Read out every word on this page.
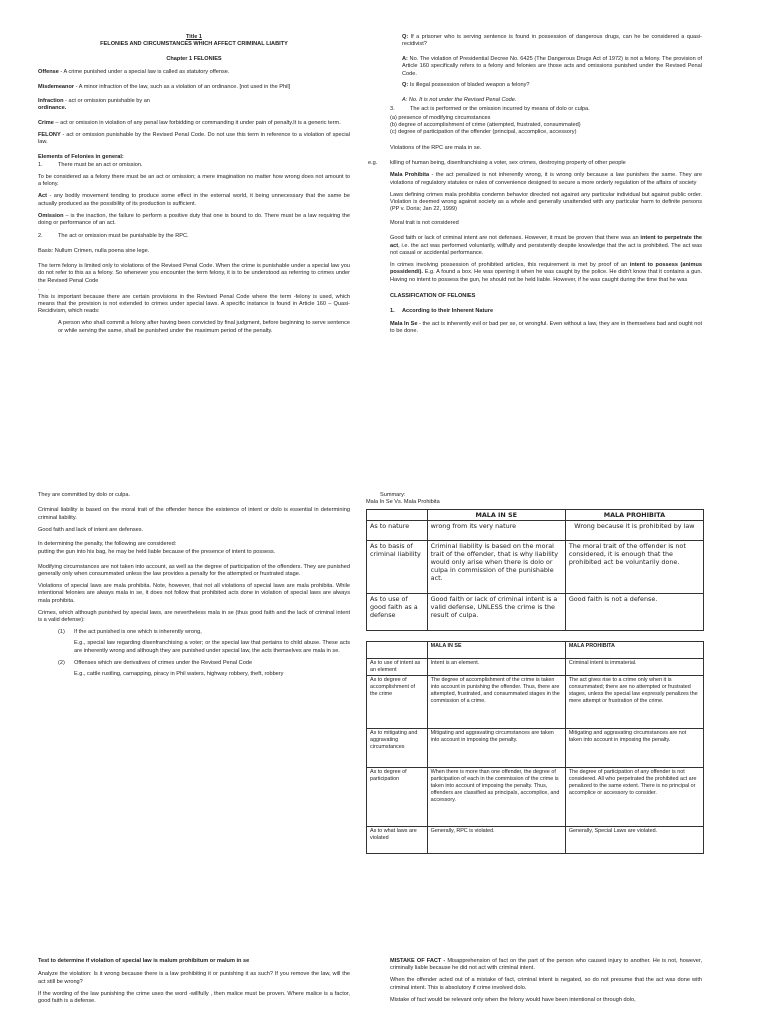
Title 1
FELONIES AND CIRCUMSTANCES WHICH AFFECT CRIMINAL LIABITY
Chapter 1 FELONIES

Offense - A crime punished under a special law is called as statutory offense.

Misdemeanor - A minor infraction of the law, such as a violation of an ordinance. [not used in the Phil]

Infraction - act or omission punishable by an
ordinance.

Crime – act or omission in violation of any penal law forbidding or commanding it under pain of penalty.It is a generic term.

FELONY - act or omission punishable by the Revised Penal Code. Do not use this term in reference to a violation of special law.

Elements of Felonies in general:
1.	There must be an act or omission.

To be considered as a felony there must be an act or omission; a mere imagination no matter how wrong does not amount to a felony.

Act - any bodily movement tending to produce some effect in the external world, it being unnecessary that the same be actually produced as the possibility of its production is sufficient.

Omission – is the inaction, the failure to perform a positive duty that one is bound to do. There must be a law requiring the doing or performance of an act.

2.	The act or omission must be punishable by the RPC.

Basis: Nullum Crimen, nulla poena sine lege.

The term felony is limited only to violations of the Revised Penal Code. When the crime is punishable under a special law you do not refer to this as a felony. So whenever you encounter the term felony, it is to be understood as referring to crimes under the Revised Penal Code

.

This is important because there are certain provisions in the Revised Penal Code where the term -felony is used, which means that the provision is not extended to crimes under special laws. A specific instance is found in Article 160 – Quasi-Recidivism, which reads:

A person who shall commit a felony after having been convicted by final judgment, before beginning to serve sentence or while serving the same, shall be punished under the maximum period of the penalty.

Q: If a prisoner who is serving sentence is found in possession of dangerous drugs, can he be considered a quasi-recidivist?

A: No. The violation of Presidential Decree No. 6425 (The Dangerous Drugs Act of 1972) is not a felony. The provision of Article 160 specifically refers to a felony and felonies are those acts and omissions punished under the Revised Penal Code.

Q: Is illegal possession of bladed weapon a felony?

A: No. It is not under the Revised Penal Code.

3.	The act is performed or the omission incurred by means of dolo or culpa.
(a) presence of modifying circumstances
(b) degree of accomplishment of crime (attempted, frustrated, consummated)
(c) degree of participation of the offender (principal, accomplice, accessory)

Violations of the RPC are mala in se.

e.g.	killing of human being, disenfranchising a voter, sex crimes, destroying property of other people

Mala Prohibita - the act penalized is not inherently wrong, it is wrong only because a law punishes the same. They are violations of regulatory statutes or rules of convenience designed to secure a more orderly regulation of the affairs of society

Laws defining crimes mala prohibita condemn behavior directed not against any particular individual but against public order. Violation is deemed wrong against society as a whole and generally unattended with any particular harm to definite persons (PP v. Doria; Jan 22, 1999)

Moral trait is not considered

Good faith or lack of criminal intent are not defenses. However, it must be proven that there was an intent to perpetrate the act, i.e. the act was performed voluntarily, willfully and persistently despite knowledge that the act is prohibited. The act was not casual or accidental performance.

In crimes involving possession of prohibited articles, this requirement is met by proof of an intent to possess (animus possidendi). E.g. A found a box. He was opening it when he was caught by the police. He didn't know that it contains a gun. Having no intent to possess the gun, he should not be held liable. However, if he was caught during the time that he was

CLASSIFICATION OF FELONIES
1.	According to their Inherent Nature

Mala In Se - the act is inherently evil or bad per se, or wrongful. Even without a law, they are in themselves bad and ought not to be done.

They are committed by dolo or culpa.

Criminal liability is based on the moral trait of the offender hence the existence of intent or dolo is essential in determining criminal liability.

Good faith and lack of intent are defenses.

In determining the penalty, the following are considered:

putting the gun into his bag, he may be held liable because of the presence of intent to possess.

Modifying circumstances are not taken into account, as well as the degree of participation of the offenders. They are punished generally only when consummated unless the law provides a penalty for the attempted or frustrated stage.

Violations of special laws are mala prohibita. Note, however, that not all violations of special laws are mala prohibita. While intentional felonies are always mala in se, it does not follow that prohibited acts done in violation of special laws are always mala prohibita.

Crimes, which although punished by special laws, are nevertheless mala in se (thus good faith and the lack of criminal intent is a valid defense):

(1)	If the act punished is one which is inherently wrong,

E.g., special law regarding disenfranchising a voter; or the special law that pertains to child abuse. These acts are inherently wrong and although they are punished under special law, the acts themselves are mala in se.

(2)	Offenses which are derivatives of crimes under the Revised Penal Code

E.g., cattle rustling, carnapping, piracy in Phil waters, highway robbery, theft, robbery

Summary:
Mala In Se Vs. Mala Prohibita
	MALA IN SE	MALA PROHIBITA
As to nature	wrong from its very nature	Wrong because it is prohibited by law
As to basis of criminal liability	Criminal liability is based on the moral trait of the offender, that is why liability would only arise when there is dolo or culpa in commission of the punishable act.	The moral trait of the offender is not considered, it is enough that the prohibited act be voluntarily done.
As to use of good faith as a defense	Good faith or lack of criminal intent is a valid defense, UNLESS the crime is the result of culpa.	Good faith is not a defense.
	MALA IN SE	MALA PROHIBITA
As to use of intent as an element	Intent is an element.	Criminal intent is immaterial.
As to degree of accomplishment of the crime	The degree of accomplishment of the crime is taken into account in punishing the offender. Thus, there are attempted, frustrated, and consummated stages in the commission of a crime.	The act gives rise to a crime only when it is consummated; there are no attempted or frustrated stages, unless the special law expressly penalizes the mere attempt or frustration of the crime.
As to mitigating and aggravating circumstances	Mitigating and aggravating circumstances are taken into account in imposing the penalty.	Mitigating and aggravating circumstances are not taken into account in imposing the penalty.
As to degree of participation	When there is more than one offender, the degree of participation of each in the commission of the crime is taken into account of imposing the penalty. Thus, offenders are classified as principals, accomplice, and accessory.	The degree of participation of any offender is not considered. All who perpetrated the prohibited act are penalized to the same extent. There is no principal or accomplice or accessory to consider.
As to what laws are violated	Generally, RPC is violated.	Generally, Special Laws are violated.
Test to determine if violation of special law is malum prohibitum or malum in se

Analyze the violation: Is it wrong because there is a law prohibiting it or punishing it as such? If you remove the law, will the act still be wrong?

If the wording of the law punishing the crime uses the word -willfully , then malice must be proven. Where malice is a factor, good faith is a defense.

MISTAKE OF FACT - Misapprehension of fact on the part of the person who caused injury to another. He is not, however, criminally liable because he did not act with criminal intent.

When the offender acted out of a mistake of fact, criminal intent is negated, so do not presume that the act was done with criminal intent. This is absolutory if crime involved dolo.

Mistake of fact would be relevant only when the felony would have been intentional or through dolo,
